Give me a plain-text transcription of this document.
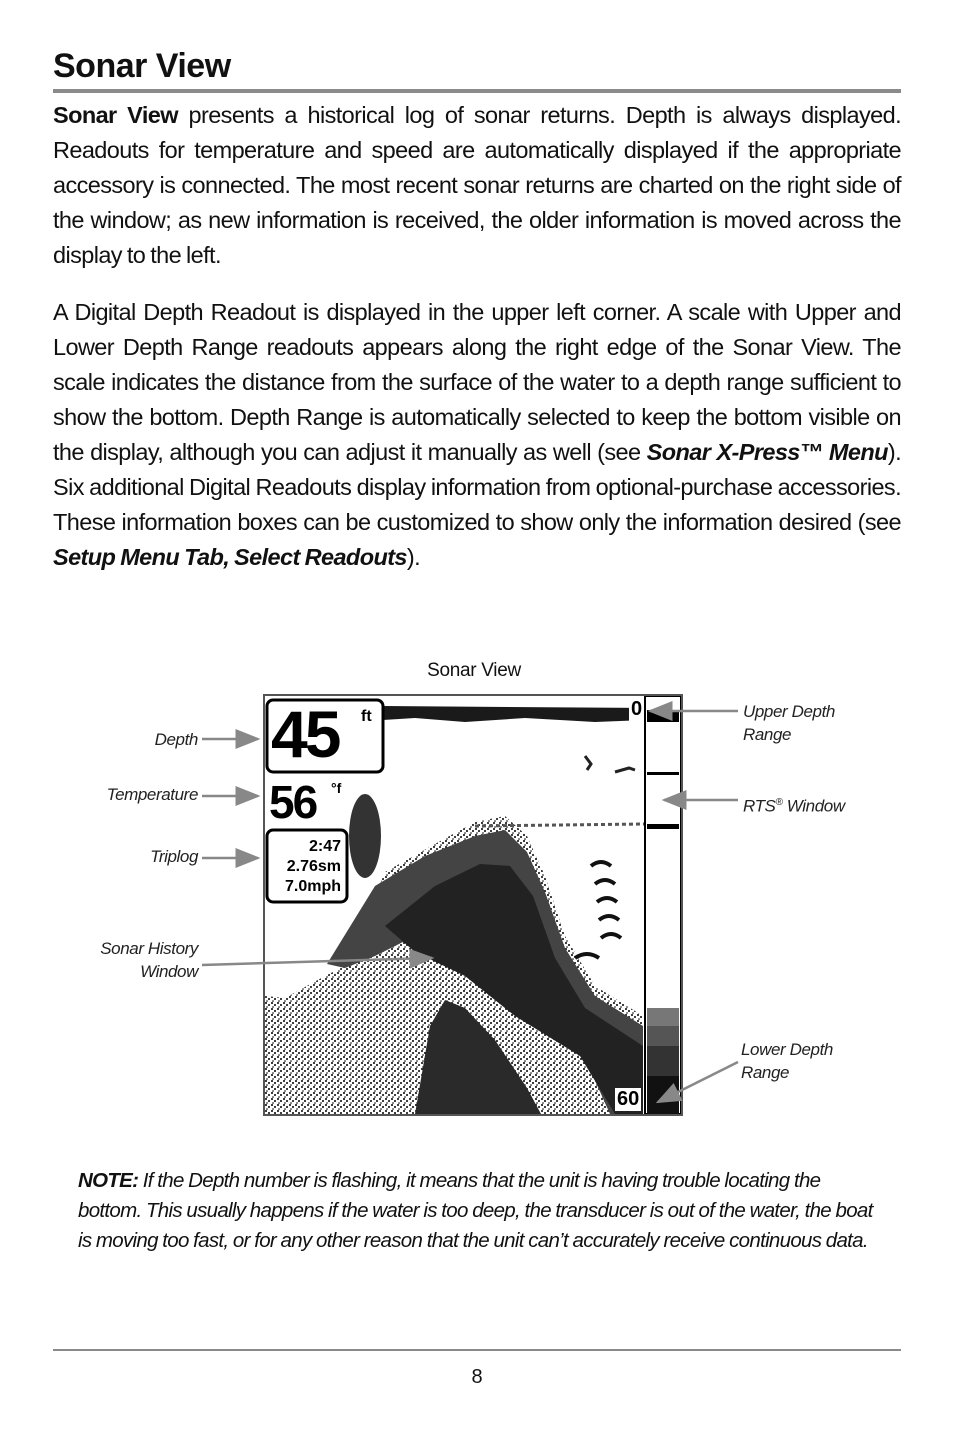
Sonar View

Sonar View presents a historical log of sonar returns. Depth is always displayed. Readouts for temperature and speed are automatically displayed if the appropriate accessory is connected. The most recent sonar returns are charted on the right side of the window; as new information is received, the older information is moved across the display to the left.

A Digital Depth Readout is displayed in the upper left corner. A scale with Upper and Lower Depth Range readouts appears along the right edge of the Sonar View. The scale indicates the distance from the surface of the water to a depth range sufficient to show the bottom. Depth Range is automatically selected to keep the bottom visible on the display, although you can adjust it manually as well (see Sonar X-Press™ Menu). Six additional Digital Readouts display information from optional-purchase accessories. These information boxes can be customized to show only the information desired (see Setup Menu Tab, Select Readouts).

Sonar View
45 ft
56 °f
2:47
2.76sm
7.0mph
0
60
Depth
Temperature
Triplog
Sonar History
Window
Upper Depth
Range
RTS® Window
Lower Depth
Range

NOTE: If the Depth number is flashing, it means that the unit is having trouble locating the bottom. This usually happens if the water is too deep, the transducer is out of the water, the boat is moving too fast, or for any other reason that the unit can’t accurately receive continuous data.

8
